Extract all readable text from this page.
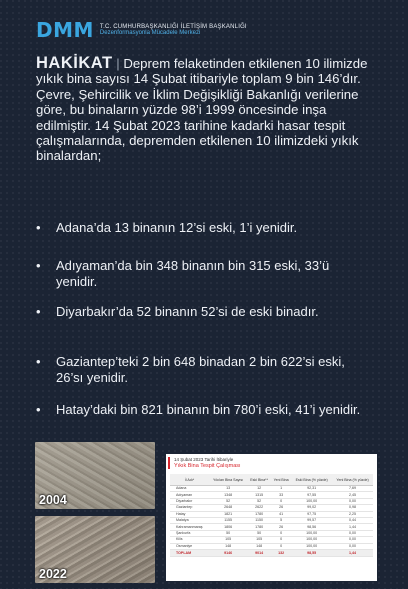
DMM T.C. CUMHURBAŞKANLIĞI İLETİŞİM BAŞKANLIĞI
Dezenformasyonla Mücadele Merkezi
HAKİKAT | Deprem felaketinden etkilenen 10 ilimizde yıkık bina sayısı 14 Şubat itibariyle toplam 9 bin 146’dır. Çevre, Şehircilik ve İklim Değişikliği Bakanlığı verilerine göre, bu binaların yüzde 98’i 1999 öncesinde inşa edilmiştir. 14 Şubat 2023 tarihine kadarki hasar tespit çalışmalarında, depremden etkilenen 10 ilimizdeki yıkık binalardan;
• Adana’da 13 binanın 12’si eski, 1’i yenidir.
• Adıyaman’da bin 348 binanın bin 315 eski, 33’ü yenidir.
• Diyarbakır’da 52 binanın 52’si de eski binadır.
• Gaziantep’teki 2 bin 648 binadan 2 bin 622’si eski, 26’sı yenidir.
• Hatay’daki bin 821 binanın bin 780’i eski, 41’i yenidir.
2004
2022
14 Şubat 2023 Tarihi İtibariyle
Yıkık Bina Tespit Çalışması
İl Adı*	Yıkılan Bina Sayısı	Eski Bina**	Yeni Bina	Eski Bina (% yüzde)	Yeni Bina (% yüzde)
Adana	13	12	1	92,31	7,69
Adıyaman	1348	1315	33	97,55	2,45
Diyarbakır	52	52	0	100,00	0,00
Gaziantep	2648	2622	26	99,02	0,98
Hatay	1821	1780	41	97,75	2,25
Malatya	1155	1150	5	99,57	0,44
Kahramanmaraş	1806	1780	26	98,56	1,44
Şanlıurfa	50	50	0	100,00	0,00
Kilis	105	105	0	100,00	0,00
Osmaniye	148	148	0	100,00	0,00
TOPLAM	9146	9014	132	98,55	1,44
